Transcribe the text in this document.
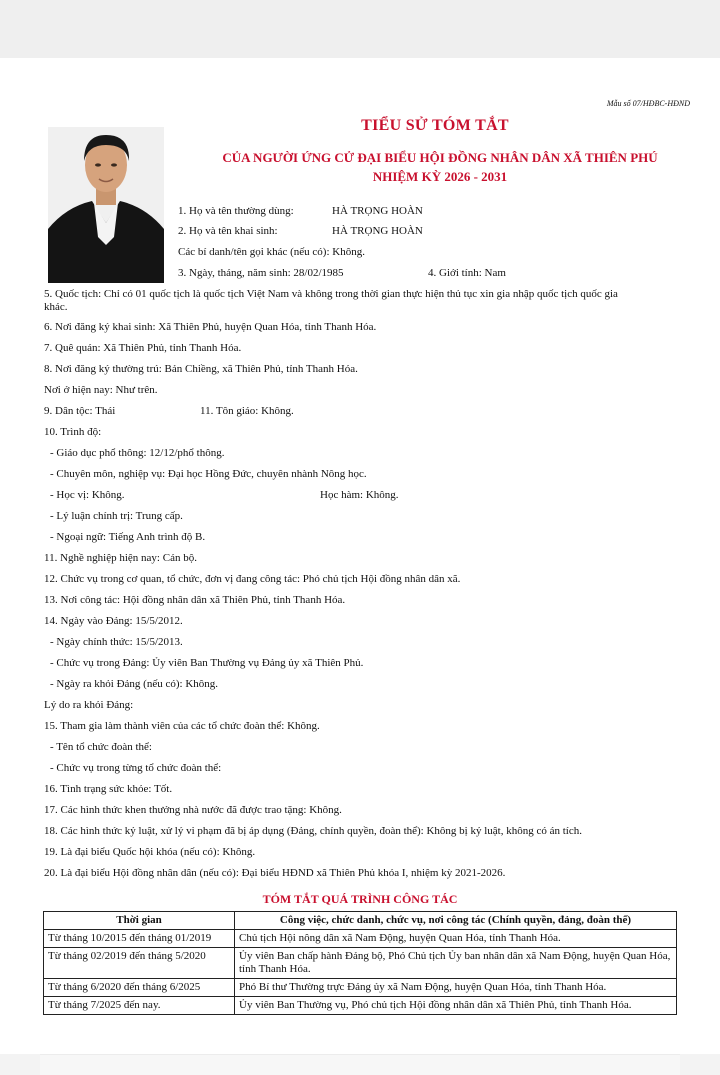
Mẫu số 07/HĐBC-HĐND
TIỂU SỬ TÓM TẮT
CỦA NGƯỜI ỨNG CỬ ĐẠI BIỂU HỘI ĐỒNG NHÂN DÂN XÃ THIÊN PHÚ
NHIỆM KỲ 2026 - 2031
1. Họ và tên thường dùng:	HÀ TRỌNG HOÀN
2. Họ và tên khai sinh:	HÀ TRỌNG HOÀN
Các bí danh/tên gọi khác (nếu có): Không.
3. Ngày, tháng, năm sinh: 28/02/1985	4. Giới tính: Nam
5. Quốc tịch: Chỉ có 01 quốc tịch là quốc tịch Việt Nam và không trong thời gian thực hiện thủ tục xin gia nhập quốc tịch quốc gia
khác.
6. Nơi đăng ký khai sinh: Xã Thiên Phủ, huyện Quan Hóa, tỉnh Thanh Hóa.
7. Quê quán: Xã Thiên Phủ, tỉnh Thanh Hóa.
8. Nơi đăng ký thường trú: Bản Chiềng, xã Thiên Phủ, tỉnh Thanh Hóa.
Nơi ở hiện nay: Như trên.
9. Dân tộc: Thái	11. Tôn giáo: Không.
10. Trình độ:
- Giáo dục phổ thông: 12/12/phổ thông.
- Chuyên môn, nghiệp vụ: Đại học Hồng Đức, chuyên nhành Nông học.
- Học vị: Không.	Học hàm: Không.
- Lý luận chính trị: Trung cấp.
- Ngoại ngữ: Tiếng Anh trình độ B.
11. Nghề nghiệp hiện nay: Cán bộ.
12. Chức vụ trong cơ quan, tổ chức, đơn vị đang công tác: Phó chủ tịch Hội đồng nhân dân xã.
13. Nơi công tác: Hội đồng nhân dân xã Thiên Phủ, tỉnh Thanh Hóa.
14. Ngày vào Đảng: 15/5/2012.
- Ngày chính thức: 15/5/2013.
- Chức vụ trong Đảng: Ủy viên Ban Thường vụ Đảng ủy xã Thiên Phủ.
- Ngày ra khỏi Đảng (nếu có): Không.
Lý do ra khỏi Đảng:
15. Tham gia làm thành viên của các tổ chức đoàn thể: Không.
- Tên tổ chức đoàn thể:
- Chức vụ trong từng tổ chức đoàn thể:
16. Tình trạng sức khỏe: Tốt.
17. Các hình thức khen thưởng nhà nước đã được trao tặng: Không.
18. Các hình thức kỷ luật, xử lý vi phạm đã bị áp dụng (Đảng, chính quyền, đoàn thể): Không bị kỷ luật, không có án tích.
19. Là đại biểu Quốc hội khóa (nếu có): Không.
20. Là đại biểu Hội đồng nhân dân (nếu có): Đại biểu HĐND xã Thiên Phủ khóa I, nhiệm kỳ 2021-2026.
TÓM TẮT QUÁ TRÌNH CÔNG TÁC
Thời gian	Công việc, chức danh, chức vụ, nơi công tác (Chính quyền, đảng, đoàn thể)
Từ tháng 10/2015 đến tháng 01/2019	Chủ tịch Hội nông dân xã Nam Động, huyện Quan Hóa, tỉnh Thanh Hóa.
Từ tháng 02/2019 đến tháng 5/2020	Ủy viên Ban chấp hành Đảng bộ, Phó Chủ tịch Ủy ban nhân dân xã Nam Động, huyện Quan Hóa, tỉnh Thanh Hóa.
Từ tháng 6/2020 đến tháng 6/2025	Phó Bí thư Thường trực Đảng ủy xã Nam Động, huyện Quan Hóa, tỉnh Thanh Hóa.
Từ tháng 7/2025 đến nay.	Ủy viên Ban Thường vụ, Phó chủ tịch Hội đồng nhân dân xã Thiên Phủ, tỉnh Thanh Hóa.
